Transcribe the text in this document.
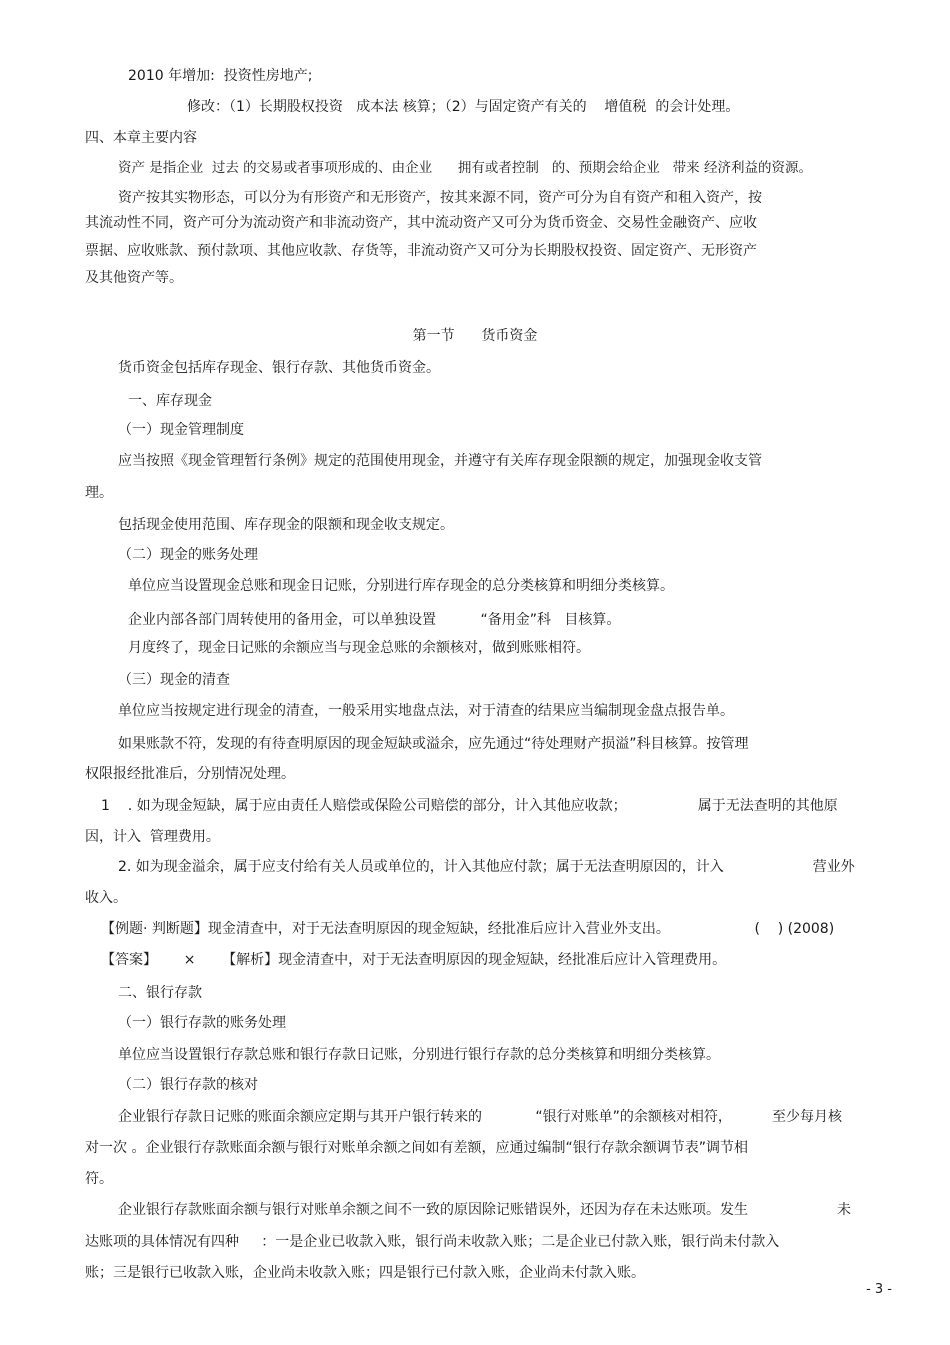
2010 年增加:  投资性房地产;
修改：（1）长期股权投资   成本法 核算；（2）与固定资产有关的    增值税  的会计处理。
四、本章主要内容
资产 是指企业  过去 的交易或者事项形成的、由企业      拥有或者控制   的、预期会给企业   带来 经济利益的资源。
资产按其实物形态，可以分为有形资产和无形资产，按其来源不同，资产可分为自有资产和租入资产，按
其流动性不同，资产可分为流动资产和非流动资产，其中流动资产又可分为货币资金、交易性金融资产、应收
票据、应收账款、预付款项、其他应收款、存货等，非流动资产又可分为长期股权投资、固定资产、无形资产
及其他资产等。
第一节      货币资金
货币资金包括库存现金、银行存款、其他货币资金。
一、库存现金
（一）现金管理制度
应当按照《现金管理暂行条例》规定的范围使用现金，并遵守有关库存现金限额的规定，加强现金收支管
理。
包括现金使用范围、库存现金的限额和现金收支规定。
（二）现金的账务处理
单位应当设置现金总账和现金日记账，分别进行库存现金的总分类核算和明细分类核算。
企业内部各部门周转使用的备用金，可以单独设置          “备用金”科   目核算。
月度终了，现金日记账的余额应当与现金总账的余额核对，做到账账相符。
（三）现金的清查
单位应当按规定进行现金的清查，一般采用实地盘点法，对于清查的结果应当编制现金盘点报告单。
如果账款不符，发现的有待查明原因的现金短缺或溢余，应先通过“待处理财产损溢”科目核算。按管理
权限报经批准后，分别情况处理。
1    . 如为现金短缺，属于应由责任人赔偿或保险公司赔偿的部分，计入其他应收款；                属于无法查明的其他原
因，计入  管理费用。
2. 如为现金溢余，属于应支付给有关人员或单位的，计入其他应付款；属于无法查明原因的，计入                    营业外
收入。
【例题· 判断题】现金清查中，对于无法查明原因的现金短缺，经批准后应计入营业外支出。                   (    ) (2008)
【答案】      ×      【解析】现金清查中，对于无法查明原因的现金短缺，经批准后应计入管理费用。
二、银行存款
（一）银行存款的账务处理
单位应当设置银行存款总账和银行存款日记账，分别进行银行存款的总分类核算和明细分类核算。
（二）银行存款的核对
企业银行存款日记账的账面余额应定期与其开户银行转来的            “银行对账单”的余额核对相符，         至少每月核
对一次 。企业银行存款账面余额与银行对账单余额之间如有差额，应通过编制“银行存款余额调节表”调节相
符。
企业银行存款账面余额与银行对账单余额之间不一致的原因除记账错误外，还因为存在未达账项。发生                    未
达账项的具体情况有四种     ：一是企业已收款入账，银行尚未收款入账；二是企业已付款入账，银行尚未付款入
账；三是银行已收款入账，企业尚未收款入账；四是银行已付款入账，企业尚未付款入账。
- 3 -
